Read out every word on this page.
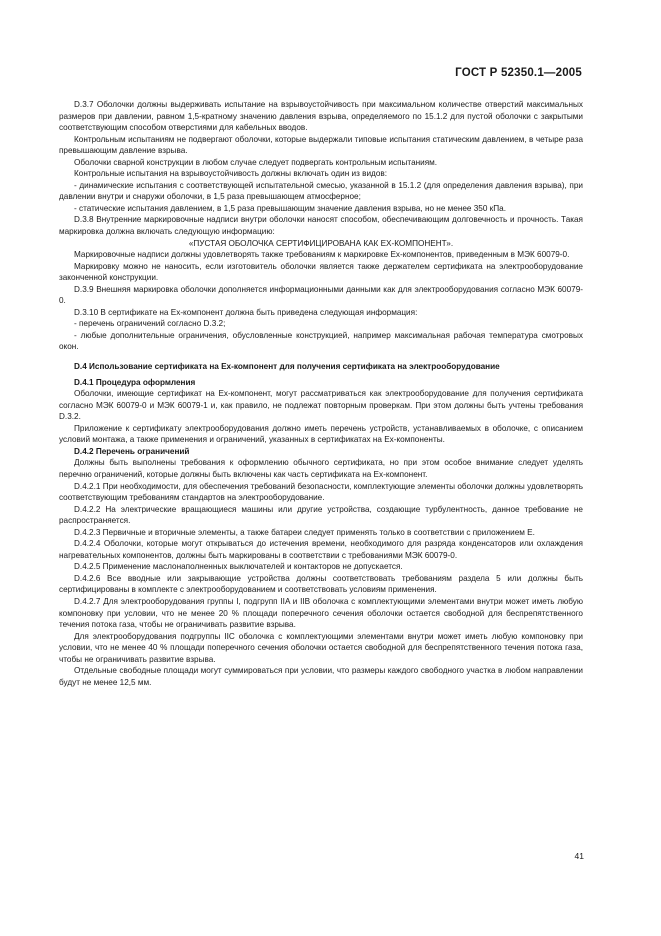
ГОСТ Р 52350.1—2005

D.3.7 Оболочки должны выдерживать испытание на взрывоустойчивость при максимальном количестве отверстий максимальных размеров при давлении, равном 1,5-кратному значению давления взрыва, определяемого по 15.1.2 для пустой оболочки с закрытыми соответствующим способом отверстиями для кабельных вводов.

Контрольным испытаниям не подвергают оболочки, которые выдержали типовые испытания статическим давлением, в четыре раза превышающим давление взрыва.

Оболочки сварной конструкции в любом случае следует подвергать контрольным испытаниям.

Контрольные испытания на взрывоустойчивость должны включать один из видов:

- динамические испытания с соответствующей испытательной смесью, указанной в 15.1.2 (для определения давления взрыва), при давлении внутри и снаружи оболочки, в 1,5 раза превышающем атмосферное;

- статические испытания давлением, в 1,5 раза превышающим значение давления взрыва, но не менее 350 кПа.

D.3.8 Внутренние маркировочные надписи внутри оболочки наносят способом, обеспечивающим долговечность и прочность. Такая маркировка должна включать следующую информацию:

«ПУСТАЯ ОБОЛОЧКА СЕРТИФИЦИРОВАНА КАК EX-КОМПОНЕНТ».

Маркировочные надписи должны удовлетворять также требованиям к маркировке Ex-компонентов, приведенным в МЭК 60079-0.

Маркировку можно не наносить, если изготовитель оболочки является также держателем сертификата на электрооборудование законченной конструкции.

D.3.9 Внешняя маркировка оболочки дополняется информационными данными как для электрооборудования согласно МЭК 60079-0.

D.3.10 В сертификате на Ex-компонент должна быть приведена следующая информация:

- перечень ограничений согласно D.3.2;

- любые дополнительные ограничения, обусловленные конструкцией, например максимальная рабочая температура смотровых окон.

D.4 Использование сертификата на Ex-компонент для получения сертификата на электрооборудование

D.4.1 Процедура оформления

Оболочки, имеющие сертификат на Ex-компонент, могут рассматриваться как электрооборудование для получения сертификата согласно МЭК 60079-0 и МЭК 60079-1 и, как правило, не подлежат повторным проверкам. При этом должны быть учтены требования D.3.2.

Приложение к сертификату электрооборудования должно иметь перечень устройств, устанавливаемых в оболочке, с описанием условий монтажа, а также применения и ограничений, указанных в сертификатах на Ex-компоненты.

D.4.2 Перечень ограничений

Должны быть выполнены требования к оформлению обычного сертификата, но при этом особое внимание следует уделять перечню ограничений, которые должны быть включены как часть сертификата на Ex-компонент.

D.4.2.1 При необходимости, для обеспечения требований безопасности, комплектующие элементы оболочки должны удовлетворять соответствующим требованиям стандартов на электрооборудование.

D.4.2.2 На электрические вращающиеся машины или другие устройства, создающие турбулентность, данное требование не распространяется.

D.4.2.3 Первичные и вторичные элементы, а также батареи следует применять только в соответствии с приложением Е.

D.4.2.4 Оболочки, которые могут открываться до истечения времени, необходимого для разряда конденсаторов или охлаждения нагревательных компонентов, должны быть маркированы в соответствии с требованиями МЭК 60079-0.

D.4.2.5 Применение маслонаполненных выключателей и контакторов не допускается.

D.4.2.6 Все вводные или закрывающие устройства должны соответствовать требованиям раздела 5 или должны быть сертифицированы в комплекте с электрооборудованием и соответствовать условиям применения.

D.4.2.7 Для электрооборудования группы I, подгрупп IIA и IIB оболочка с комплектующими элементами внутри может иметь любую компоновку при условии, что не менее 20 % площади поперечного сечения оболочки остается свободной для беспрепятственного течения потока газа, чтобы не ограничивать развитие взрыва.

Для электрооборудования подгруппы IIC оболочка с комплектующими элементами внутри может иметь любую компоновку при условии, что не менее 40 % площади поперечного сечения оболочки остается свободной для беспрепятственного течения потока газа, чтобы не ограничивать развитие взрыва.

Отдельные свободные площади могут суммироваться при условии, что размеры каждого свободного участка в любом направлении будут не менее 12,5 мм.

41
